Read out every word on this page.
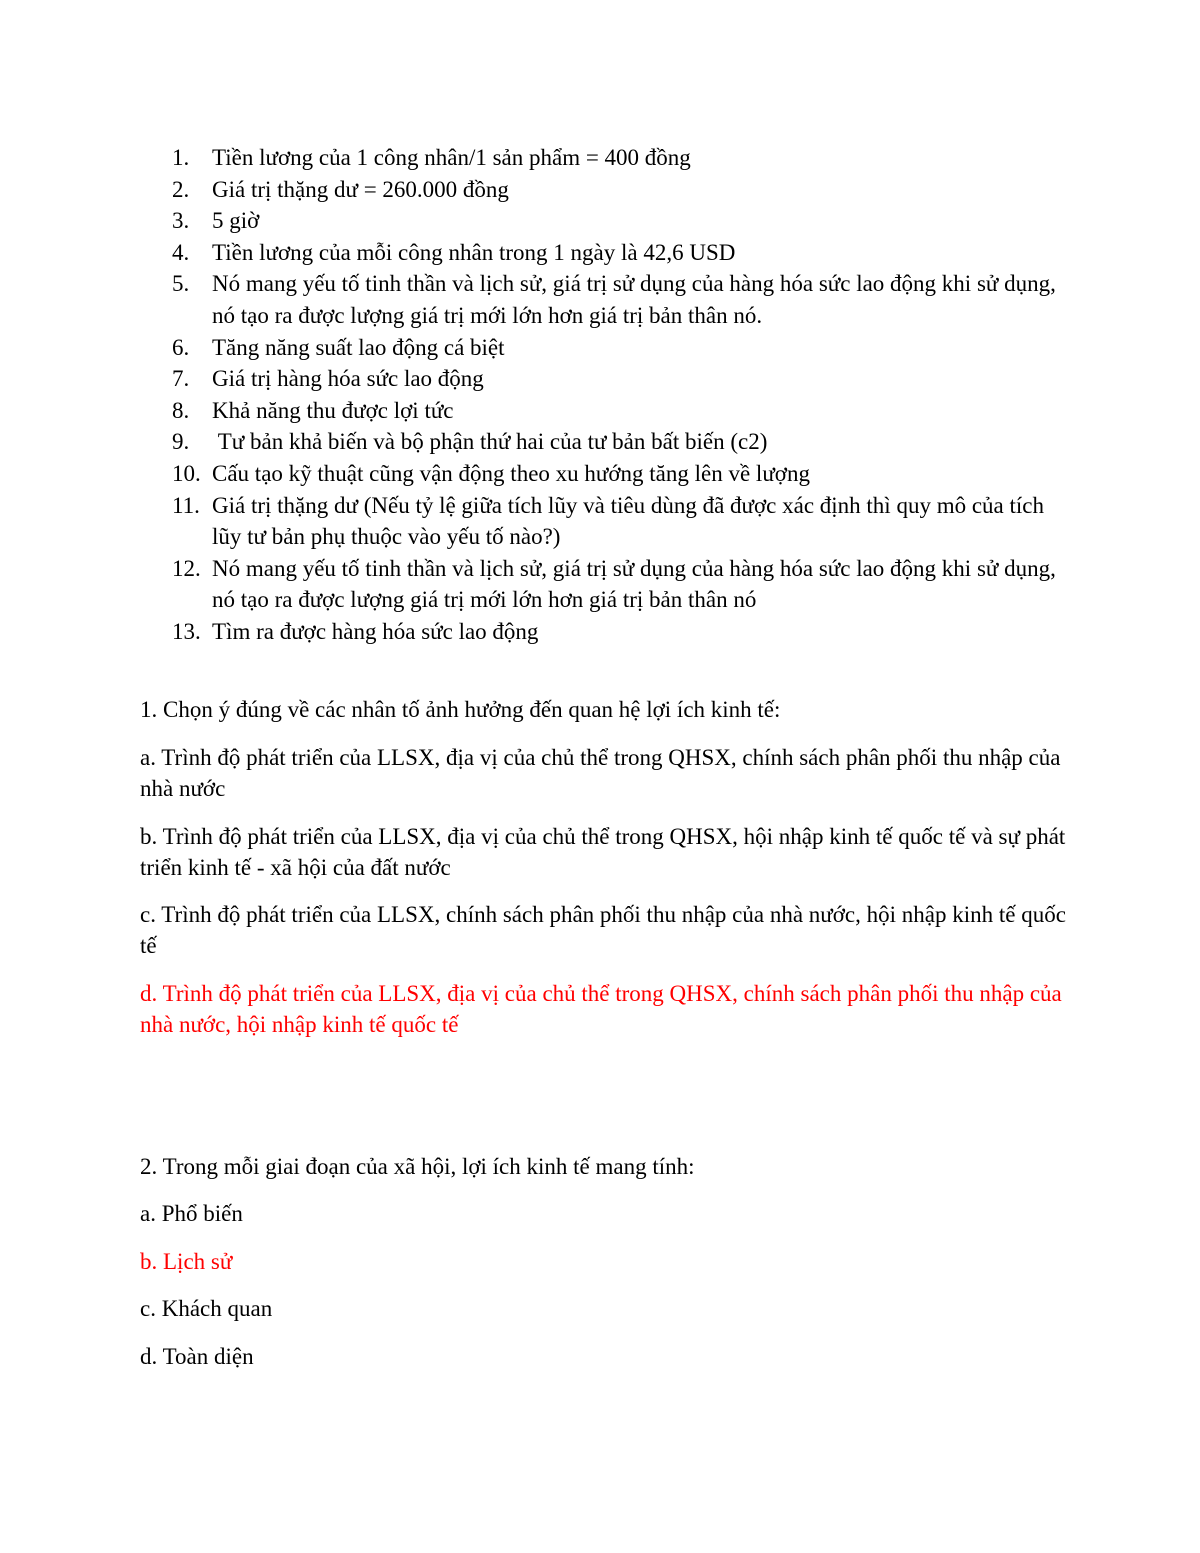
1. Tiền lương của 1 công nhân/1 sản phẩm = 400 đồng
2. Giá trị thặng dư = 260.000 đồng
3. 5 giờ
4. Tiền lương của mỗi công nhân trong 1 ngày là 42,6 USD
5. Nó mang yếu tố tinh thần và lịch sử, giá trị sử dụng của hàng hóa sức lao động khi sử dụng, nó tạo ra được lượng giá trị mới lớn hơn giá trị bản thân nó.
6. Tăng năng suất lao động cá biệt
7. Giá trị hàng hóa sức lao động
8. Khả năng thu được lợi tức
9. Tư bản khả biến và bộ phận thứ hai của tư bản bất biến (c2)
10. Cấu tạo kỹ thuật cũng vận động theo xu hướng tăng lên về lượng
11. Giá trị thặng dư (Nếu tỷ lệ giữa tích lũy và tiêu dùng đã được xác định thì quy mô của tích lũy tư bản phụ thuộc vào yếu tố nào?)
12. Nó mang yếu tố tinh thần và lịch sử, giá trị sử dụng của hàng hóa sức lao động khi sử dụng, nó tạo ra được lượng giá trị mới lớn hơn giá trị bản thân nó
13. Tìm ra được hàng hóa sức lao động
1. Chọn ý đúng về các nhân tố ảnh hưởng đến quan hệ lợi ích kinh tế:
a. Trình độ phát triển của LLSX, địa vị của chủ thể trong QHSX, chính sách phân phối thu nhập của nhà nước
b. Trình độ phát triển của LLSX, địa vị của chủ thể trong QHSX, hội nhập kinh tế quốc tế và sự phát triển kinh tế - xã hội của đất nước
c. Trình độ phát triển của LLSX, chính sách phân phối thu nhập của nhà nước, hội nhập kinh tế quốc tế
d. Trình độ phát triển của LLSX, địa vị của chủ thể trong QHSX, chính sách phân phối thu nhập của nhà nước, hội nhập kinh tế quốc tế
2. Trong mỗi giai đoạn của xã hội, lợi ích kinh tế mang tính:
a. Phổ biến
b. Lịch sử
c. Khách quan
d. Toàn diện
